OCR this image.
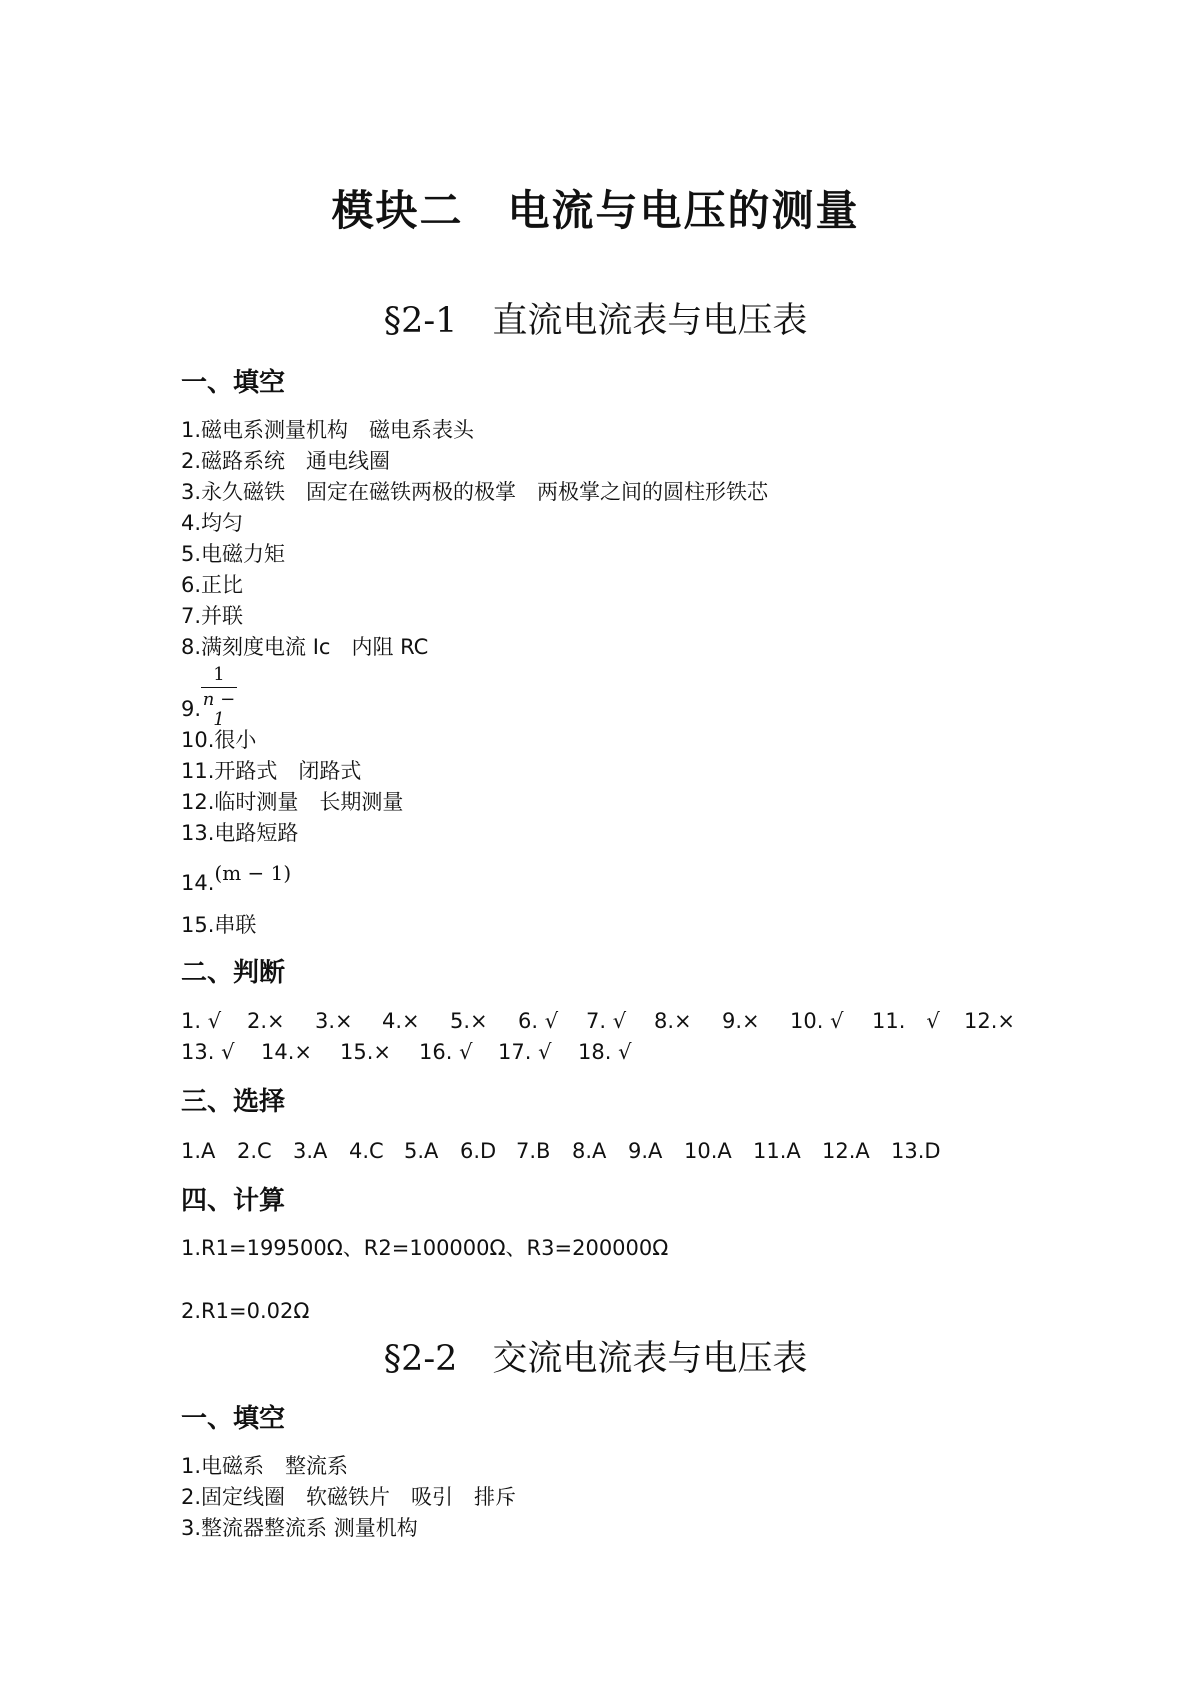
模块二　电流与电压的测量
§2-1　直流电流表与电压表
一、填空
1.磁电系测量机构　磁电系表头
2.磁路系统　通电线圈
3.永久磁铁　固定在磁铁两极的极掌　两极掌之间的圆柱形铁芯
4.均匀
5.电磁力矩
6.正比
7.并联
8.满刻度电流 Ic　内阻 RC
1
n − 1
9.
10.很小
11.开路式　闭路式
12.临时测量　长期测量
13.电路短路
14.(m − 1)
15.串联
二、判断
1. √	2.×	3.×	4.×	5.×	6. √	7. √	8.×	9.×	10. √	11.　√	12.×
13. √	14.×	15.×	16. √	17. √	18. √
三、选择
1.A	2.C	3.A	4.C 5.A	6.D 7.B	8.A	9.A	10.A	11.A	12.A	13.D
四、计算
1.R1=199500Ω、R2=100000Ω、R3=200000Ω
2.R1=0.02Ω
§2-2　交流电流表与电压表
一、填空
1.电磁系　整流系
2.固定线圈　软磁铁片　吸引　排斥
3.整流器整流系 测量机构
